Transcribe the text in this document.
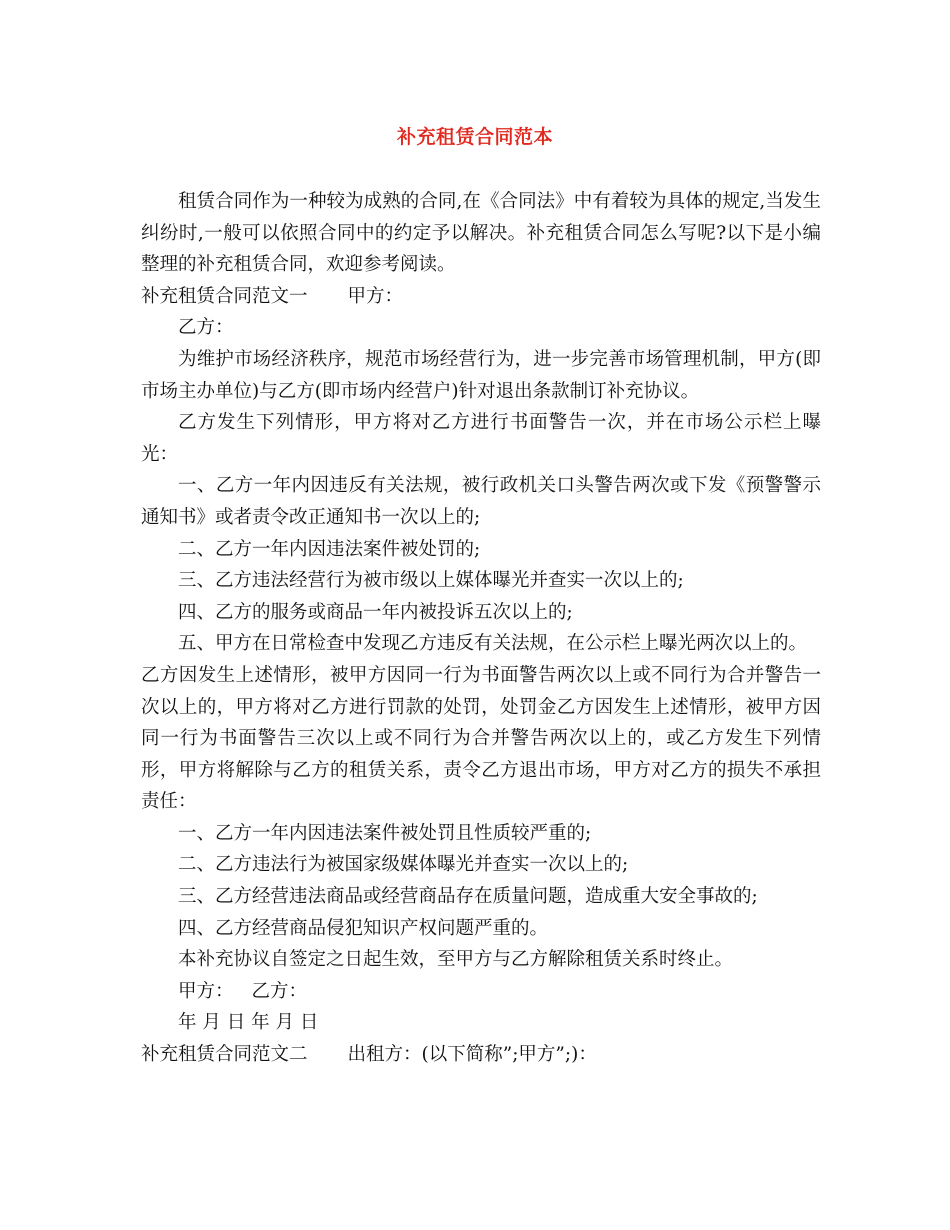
补充租赁合同范本

租赁合同作为一种较为成熟的合同,在《合同法》中有着较为具体的规定,当发生纠纷时,一般可以依照合同中的约定予以解决。补充租赁合同怎么写呢?以下是小编整理的补充租赁合同，欢迎参考阅读。

补充租赁合同范文一 甲方：

乙方：

为维护市场经济秩序，规范市场经营行为，进一步完善市场管理机制，甲方(即市场主办单位)与乙方(即市场内经营户)针对退出条款制订补充协议。

乙方发生下列情形，甲方将对乙方进行书面警告一次，并在市场公示栏上曝光：

一、乙方一年内因违反有关法规，被行政机关口头警告两次或下发《预警警示通知书》或者责令改正通知书一次以上的;

二、乙方一年内因违法案件被处罚的;

三、乙方违法经营行为被市级以上媒体曝光并查实一次以上的;

四、乙方的服务或商品一年内被投诉五次以上的;

五、甲方在日常检查中发现乙方违反有关法规，在公示栏上曝光两次以上的。

乙方因发生上述情形，被甲方因同一行为书面警告两次以上或不同行为合并警告一次以上的，甲方将对乙方进行罚款的处罚，处罚金乙方因发生上述情形，被甲方因同一行为书面警告三次以上或不同行为合并警告两次以上的，或乙方发生下列情形，甲方将解除与乙方的租赁关系，责令乙方退出市场，甲方对乙方的损失不承担责任：

一、乙方一年内因违法案件被处罚且性质较严重的;

二、乙方违法行为被国家级媒体曝光并查实一次以上的;

三、乙方经营违法商品或经营商品存在质量问题，造成重大安全事故的;

四、乙方经营商品侵犯知识产权问题严重的。

本补充协议自签定之日起生效，至甲方与乙方解除租赁关系时终止。

甲方： 乙方：

年 月 日 年 月 日

补充租赁合同范文二 出租方：(以下简称”;甲方”;)：
